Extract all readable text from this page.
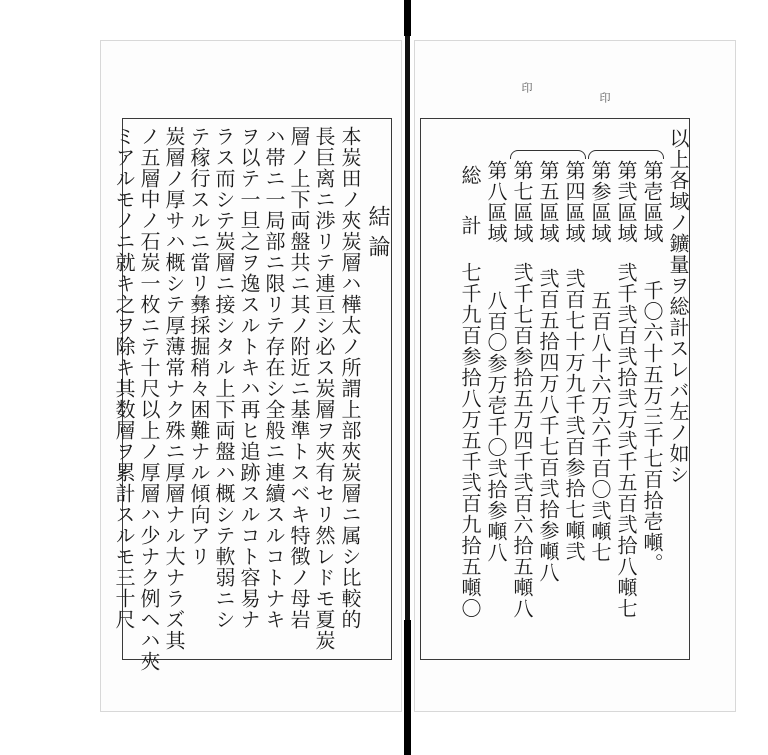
結論
本炭田ノ夾炭層ハ樺太ノ所謂上部夾炭層ニ属シ比較的
長巨离ニ渉リテ連亘シ必ス炭層ヲ夾有セリ然レドモ夏炭
層ノ上下両盤共ニ其ノ附近ニ基準トスベキ特徴ノ母岩
ハ帯ニ一局部ニ限リテ存在シ全般ニ連續スルコトナキ
ヲ以テ一旦之ヲ逸スルトキハ再ヒ追跡スルコト容易ナ
ラス而シテ炭層ニ接シタル上下両盤ハ概シテ軟弱ニシ
テ稼行スルニ當リ彝採掘稍々困難ナル傾向アリ
炭層ノ厚サハ概シテ厚薄常ナク殊ニ厚層ナル大ナラズ其
ノ五層中ノ石炭一枚ニテ十尺以上ノ厚層ハ少ナク例ヘハ夾
ミアルモノニ就キ之ヲ除キ其数層ヲ累計スルモ三十尺
印
印
以上各域ノ鑛量ヲ総計スレバ左ノ如シ
第壱區域
第弐區域
第参區域
第四區域
第五區域
第七區域
第八區域
千〇六十五万三千七百拾壱噸。
弐千弐百弐拾弐万弐千五百弐拾八噸七
五百八十六万六千百〇弐噸七
弐百七十万九千弐百参拾七噸弐
弐百五拾四万八千七百弐拾参噸八
弐千七百参拾五万四千弐百六拾五噸八
八百〇参万壱千〇弐拾参噸八
総計
七千九百参拾八万五千弐百九拾五噸〇
